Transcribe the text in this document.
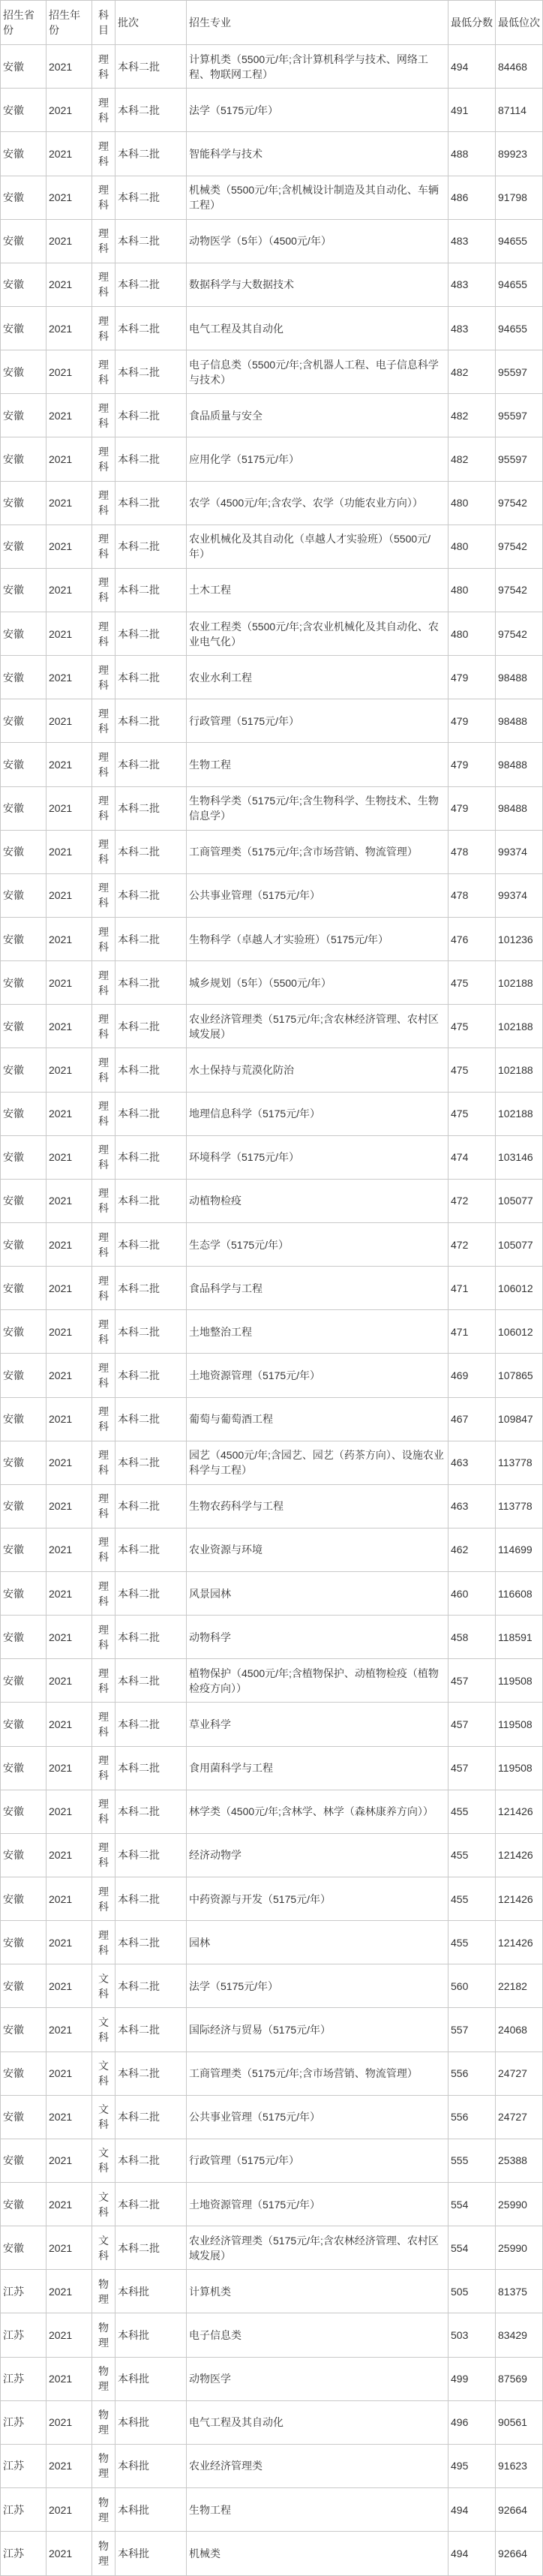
招生省份	招生年份	科目	批次	招生专业	最低分数	最低位次
安徽	2021	理科	本科二批	计算机类（5500元/年;含计算机科学与技术、网络工程、物联网工程）	494	84468
安徽	2021	理科	本科二批	法学（5175元/年）	491	87114
安徽	2021	理科	本科二批	智能科学与技术	488	89923
安徽	2021	理科	本科二批	机械类（5500元/年;含机械设计制造及其自动化、车辆工程）	486	91798
安徽	2021	理科	本科二批	动物医学（5年）（4500元/年）	483	94655
安徽	2021	理科	本科二批	数据科学与大数据技术	483	94655
安徽	2021	理科	本科二批	电气工程及其自动化	483	94655
安徽	2021	理科	本科二批	电子信息类（5500元/年;含机器人工程、电子信息科学与技术）	482	95597
安徽	2021	理科	本科二批	食品质量与安全	482	95597
安徽	2021	理科	本科二批	应用化学（5175元/年）	482	95597
安徽	2021	理科	本科二批	农学（4500元/年;含农学、农学（功能农业方向））	480	97542
安徽	2021	理科	本科二批	农业机械化及其自动化（卓越人才实验班）（5500元/年）	480	97542
安徽	2021	理科	本科二批	土木工程	480	97542
安徽	2021	理科	本科二批	农业工程类（5500元/年;含农业机械化及其自动化、农业电气化）	480	97542
安徽	2021	理科	本科二批	农业水利工程	479	98488
安徽	2021	理科	本科二批	行政管理（5175元/年）	479	98488
安徽	2021	理科	本科二批	生物工程	479	98488
安徽	2021	理科	本科二批	生物科学类（5175元/年;含生物科学、生物技术、生物信息学）	479	98488
安徽	2021	理科	本科二批	工商管理类（5175元/年;含市场营销、物流管理）	478	99374
安徽	2021	理科	本科二批	公共事业管理（5175元/年）	478	99374
安徽	2021	理科	本科二批	生物科学（卓越人才实验班）（5175元/年）	476	101236
安徽	2021	理科	本科二批	城乡规划（5年）（5500元/年）	475	102188
安徽	2021	理科	本科二批	农业经济管理类（5175元/年;含农林经济管理、农村区域发展）	475	102188
安徽	2021	理科	本科二批	水土保持与荒漠化防治	475	102188
安徽	2021	理科	本科二批	地理信息科学（5175元/年）	475	102188
安徽	2021	理科	本科二批	环境科学（5175元/年）	474	103146
安徽	2021	理科	本科二批	动植物检疫	472	105077
安徽	2021	理科	本科二批	生态学（5175元/年）	472	105077
安徽	2021	理科	本科二批	食品科学与工程	471	106012
安徽	2021	理科	本科二批	土地整治工程	471	106012
安徽	2021	理科	本科二批	土地资源管理（5175元/年）	469	107865
安徽	2021	理科	本科二批	葡萄与葡萄酒工程	467	109847
安徽	2021	理科	本科二批	园艺（4500元/年;含园艺、园艺（药茶方向）、设施农业科学与工程）	463	113778
安徽	2021	理科	本科二批	生物农药科学与工程	463	113778
安徽	2021	理科	本科二批	农业资源与环境	462	114699
安徽	2021	理科	本科二批	风景园林	460	116608
安徽	2021	理科	本科二批	动物科学	458	118591
安徽	2021	理科	本科二批	植物保护（4500元/年;含植物保护、动植物检疫（植物检疫方向））	457	119508
安徽	2021	理科	本科二批	草业科学	457	119508
安徽	2021	理科	本科二批	食用菌科学与工程	457	119508
安徽	2021	理科	本科二批	林学类（4500元/年;含林学、林学（森林康养方向））	455	121426
安徽	2021	理科	本科二批	经济动物学	455	121426
安徽	2021	理科	本科二批	中药资源与开发（5175元/年）	455	121426
安徽	2021	理科	本科二批	园林	455	121426
安徽	2021	文科	本科二批	法学（5175元/年）	560	22182
安徽	2021	文科	本科二批	国际经济与贸易（5175元/年）	557	24068
安徽	2021	文科	本科二批	工商管理类（5175元/年;含市场营销、物流管理）	556	24727
安徽	2021	文科	本科二批	公共事业管理（5175元/年）	556	24727
安徽	2021	文科	本科二批	行政管理（5175元/年）	555	25388
安徽	2021	文科	本科二批	土地资源管理（5175元/年）	554	25990
安徽	2021	文科	本科二批	农业经济管理类（5175元/年;含农林经济管理、农村区域发展）	554	25990
江苏	2021	物理	本科批	计算机类	505	81375
江苏	2021	物理	本科批	电子信息类	503	83429
江苏	2021	物理	本科批	动物医学	499	87569
江苏	2021	物理	本科批	电气工程及其自动化	496	90561
江苏	2021	物理	本科批	农业经济管理类	495	91623
江苏	2021	物理	本科批	生物工程	494	92664
江苏	2021	物理	本科批	机械类	494	92664
